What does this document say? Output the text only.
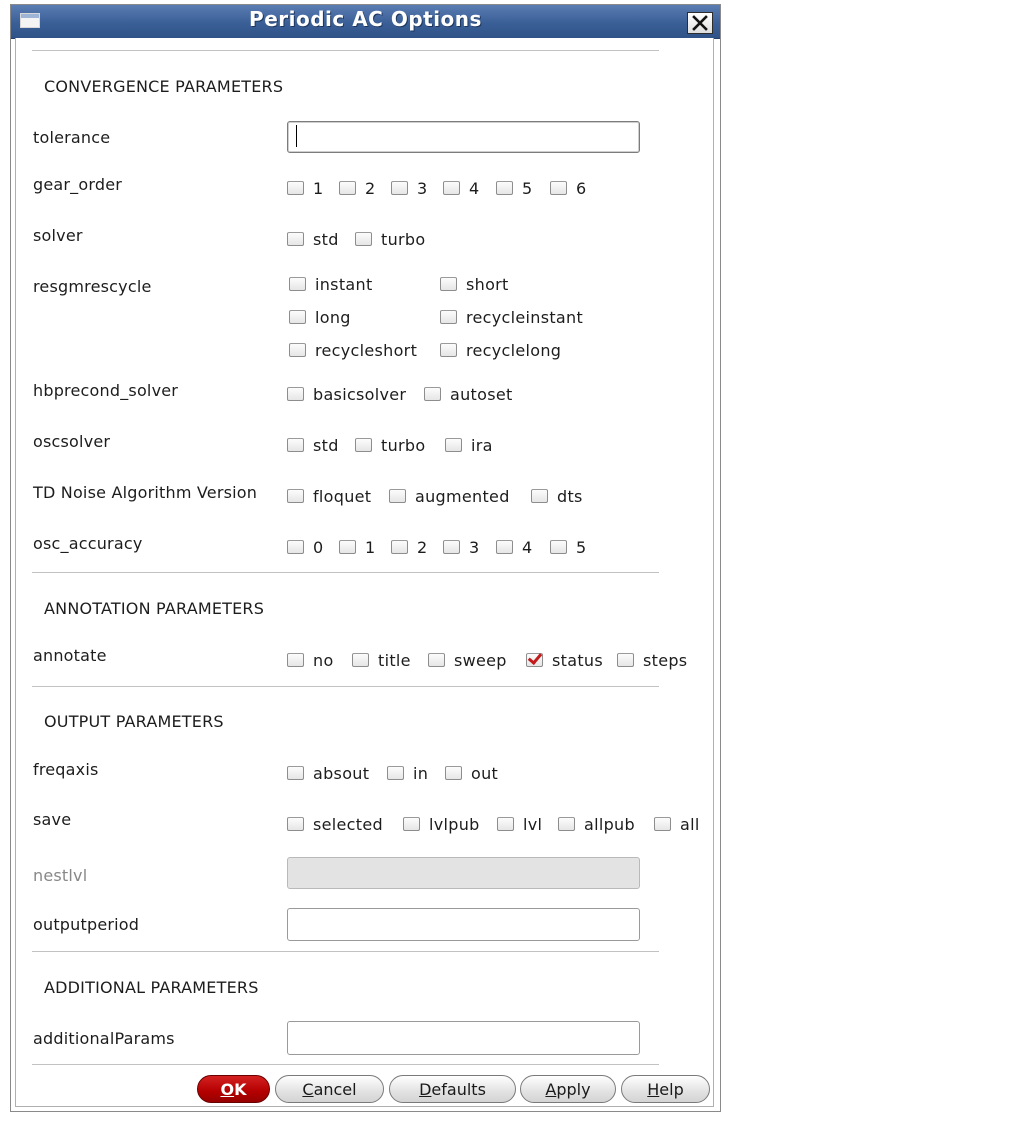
Periodic AC Options
CONVERGENCE PARAMETERS
tolerance
gear_order	1	2	3	4	5	6
solver	std	turbo
resgmrescycle	instant	short
long	recycleinstant
recycleshort	recyclelong
hbprecond_solver	basicsolver	autoset
oscsolver	std	turbo	ira
TD Noise Algorithm Version	floquet	augmented	dts
osc_accuracy	0	1	2	3	4	5
ANNOTATION PARAMETERS
annotate	no	title	sweep	status	steps
OUTPUT PARAMETERS
freqaxis	absout	in	out
save	selected	lvlpub	lvl	allpub	all
nestlvl
outputperiod
ADDITIONAL PARAMETERS
additionalParams
O K	C ancel	D efaults	A pply	H elp
